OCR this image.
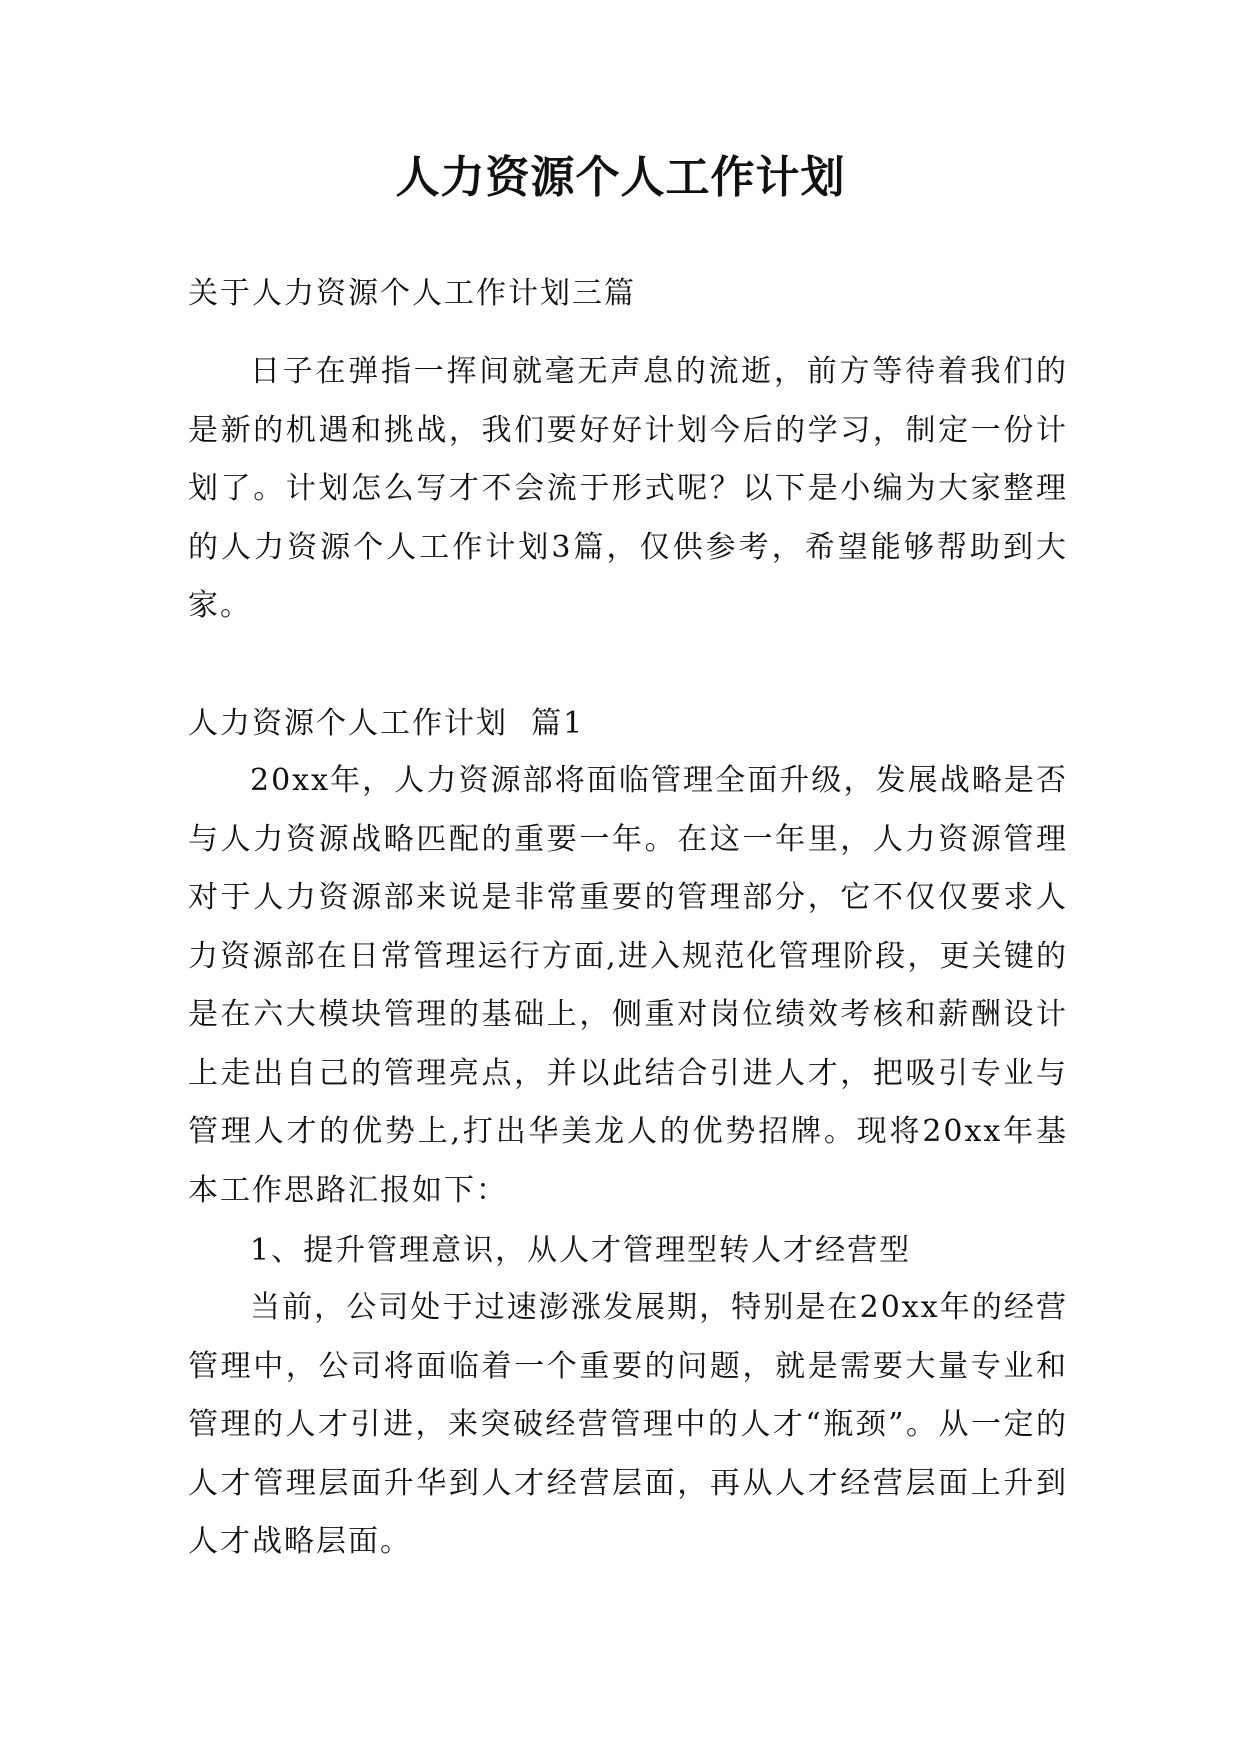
人力资源个人工作计划

关于人力资源个人工作计划三篇

日子在弹指一挥间就毫无声息的流逝，前方等待着我们的是新的机遇和挑战，我们要好好计划今后的学习，制定一份计划了。计划怎么写才不会流于形式呢？以下是小编为大家整理的人力资源个人工作计划3篇，仅供参考，希望能够帮助到大家。

人力资源个人工作计划  篇1

20xx年，人力资源部将面临管理全面升级，发展战略是否与人力资源战略匹配的重要一年。在这一年里，人力资源管理对于人力资源部来说是非常重要的管理部分，它不仅仅要求人力资源部在日常管理运行方面,进入规范化管理阶段，更关键的是在六大模块管理的基础上，侧重对岗位绩效考核和薪酬设计上走出自己的管理亮点，并以此结合引进人才，把吸引专业与管理人才的优势上,打出华美龙人的优势招牌。现将20xx年基本工作思路汇报如下：

1、提升管理意识，从人才管理型转人才经营型

当前，公司处于过速澎涨发展期，特别是在20xx年的经营管理中，公司将面临着一个重要的问题，就是需要大量专业和管理的人才引进，来突破经营管理中的人才“瓶颈”。从一定的人才管理层面升华到人才经营层面，再从人才经营层面上升到人才战略层面。
